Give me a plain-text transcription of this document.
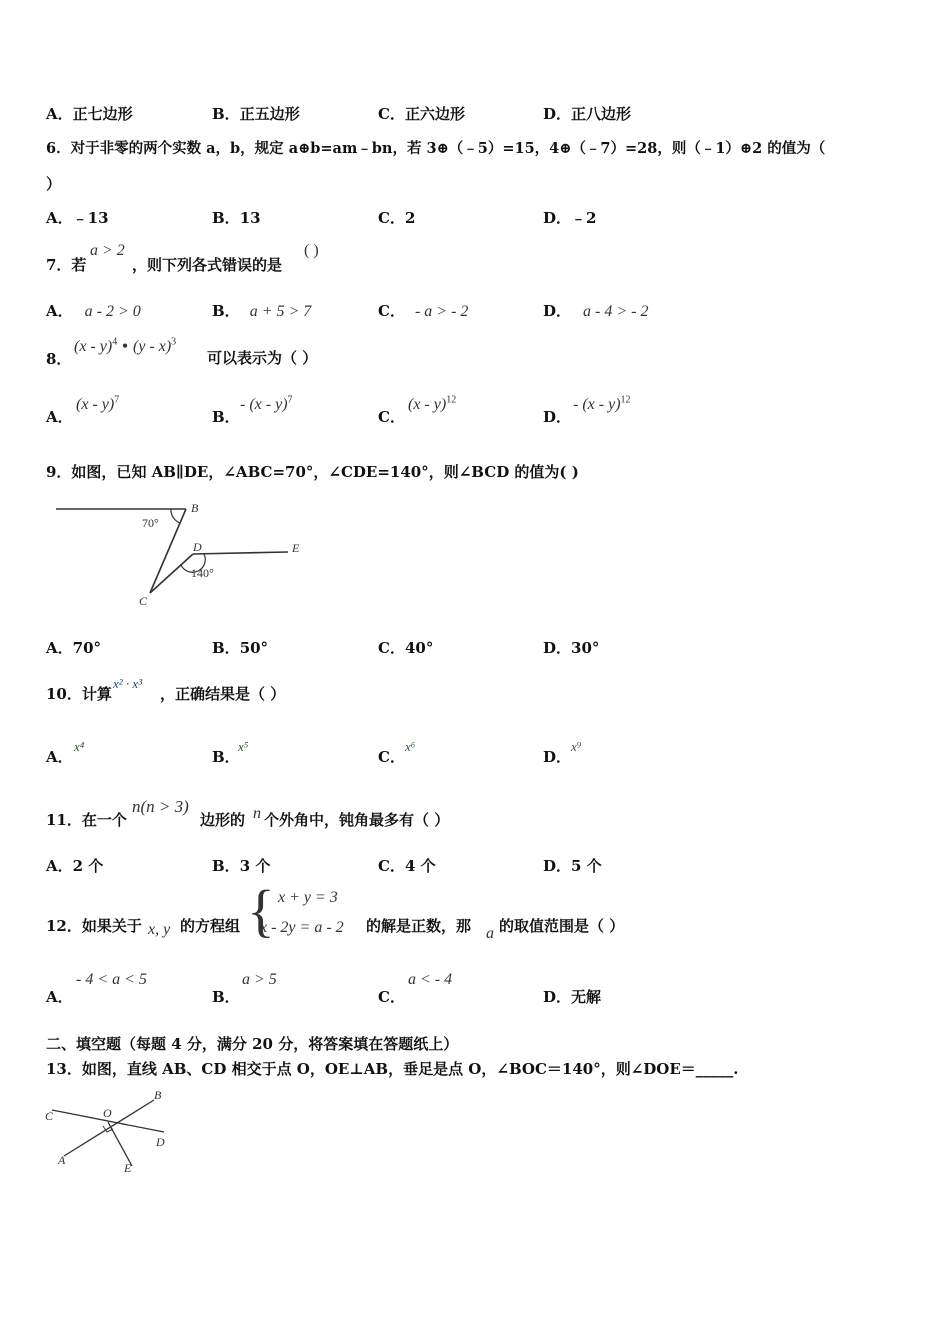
A．正七边形	B．正五边形	C．正六边形	D．正八边形
6．对于非零的两个实数 a，b，规定 a⊕b=am﹣bn，若 3⊕（﹣5）=15，4⊕（﹣7）=28，则（﹣1）⊕2 的值为（
）
A．﹣13	B．13	C．2	D．﹣2
7．若
a > 2
，则下列各式错误的是
( )
A． a - 2 > 0	B． a + 5 > 7	C． - a > - 2	D． a - 4 > - 2
8．
(x - y)$^4$ • (y - x)$^3$
可以表示为（ ）
A．
(x - y)$^7$
B．
- (x - y)$^7$
C．
(x - y)$^{12}$
D．
- (x - y)$^{12}$
9．如图，已知 AB∥DE，∠ABC=70°，∠CDE=140°，则∠BCD 的值为( )
B
70°
D	E
140°
C
A．70°	B．50°	C．40°	D．30°
10．计算
x² · x³
，正确结果是（ ）
A．
x⁴
B．
x⁵
C．
x⁶
D．
x⁹
11．在一个
n(n > 3)
边形的 n 个外角中，钝角最多有（ ）
A．2 个	B．3 个	C．4 个	D．5 个
12．如果关于 x, y 的方程组 { x + y = 3
x - 2y = a - 2 的解是正数，那 a 的取值范围是（ ）
A．
- 4 < a < 5
B．
a > 5
C．
a < - 4
D．无解
二、填空题（每题 4 分，满分 20 分，将答案填在答题纸上）
13．如图，直线 AB、CD 相交于点 O，OE⊥AB，垂足是点 O，∠BOC＝140°，则∠DOE＝_____.
C	O
B
D
A
E
